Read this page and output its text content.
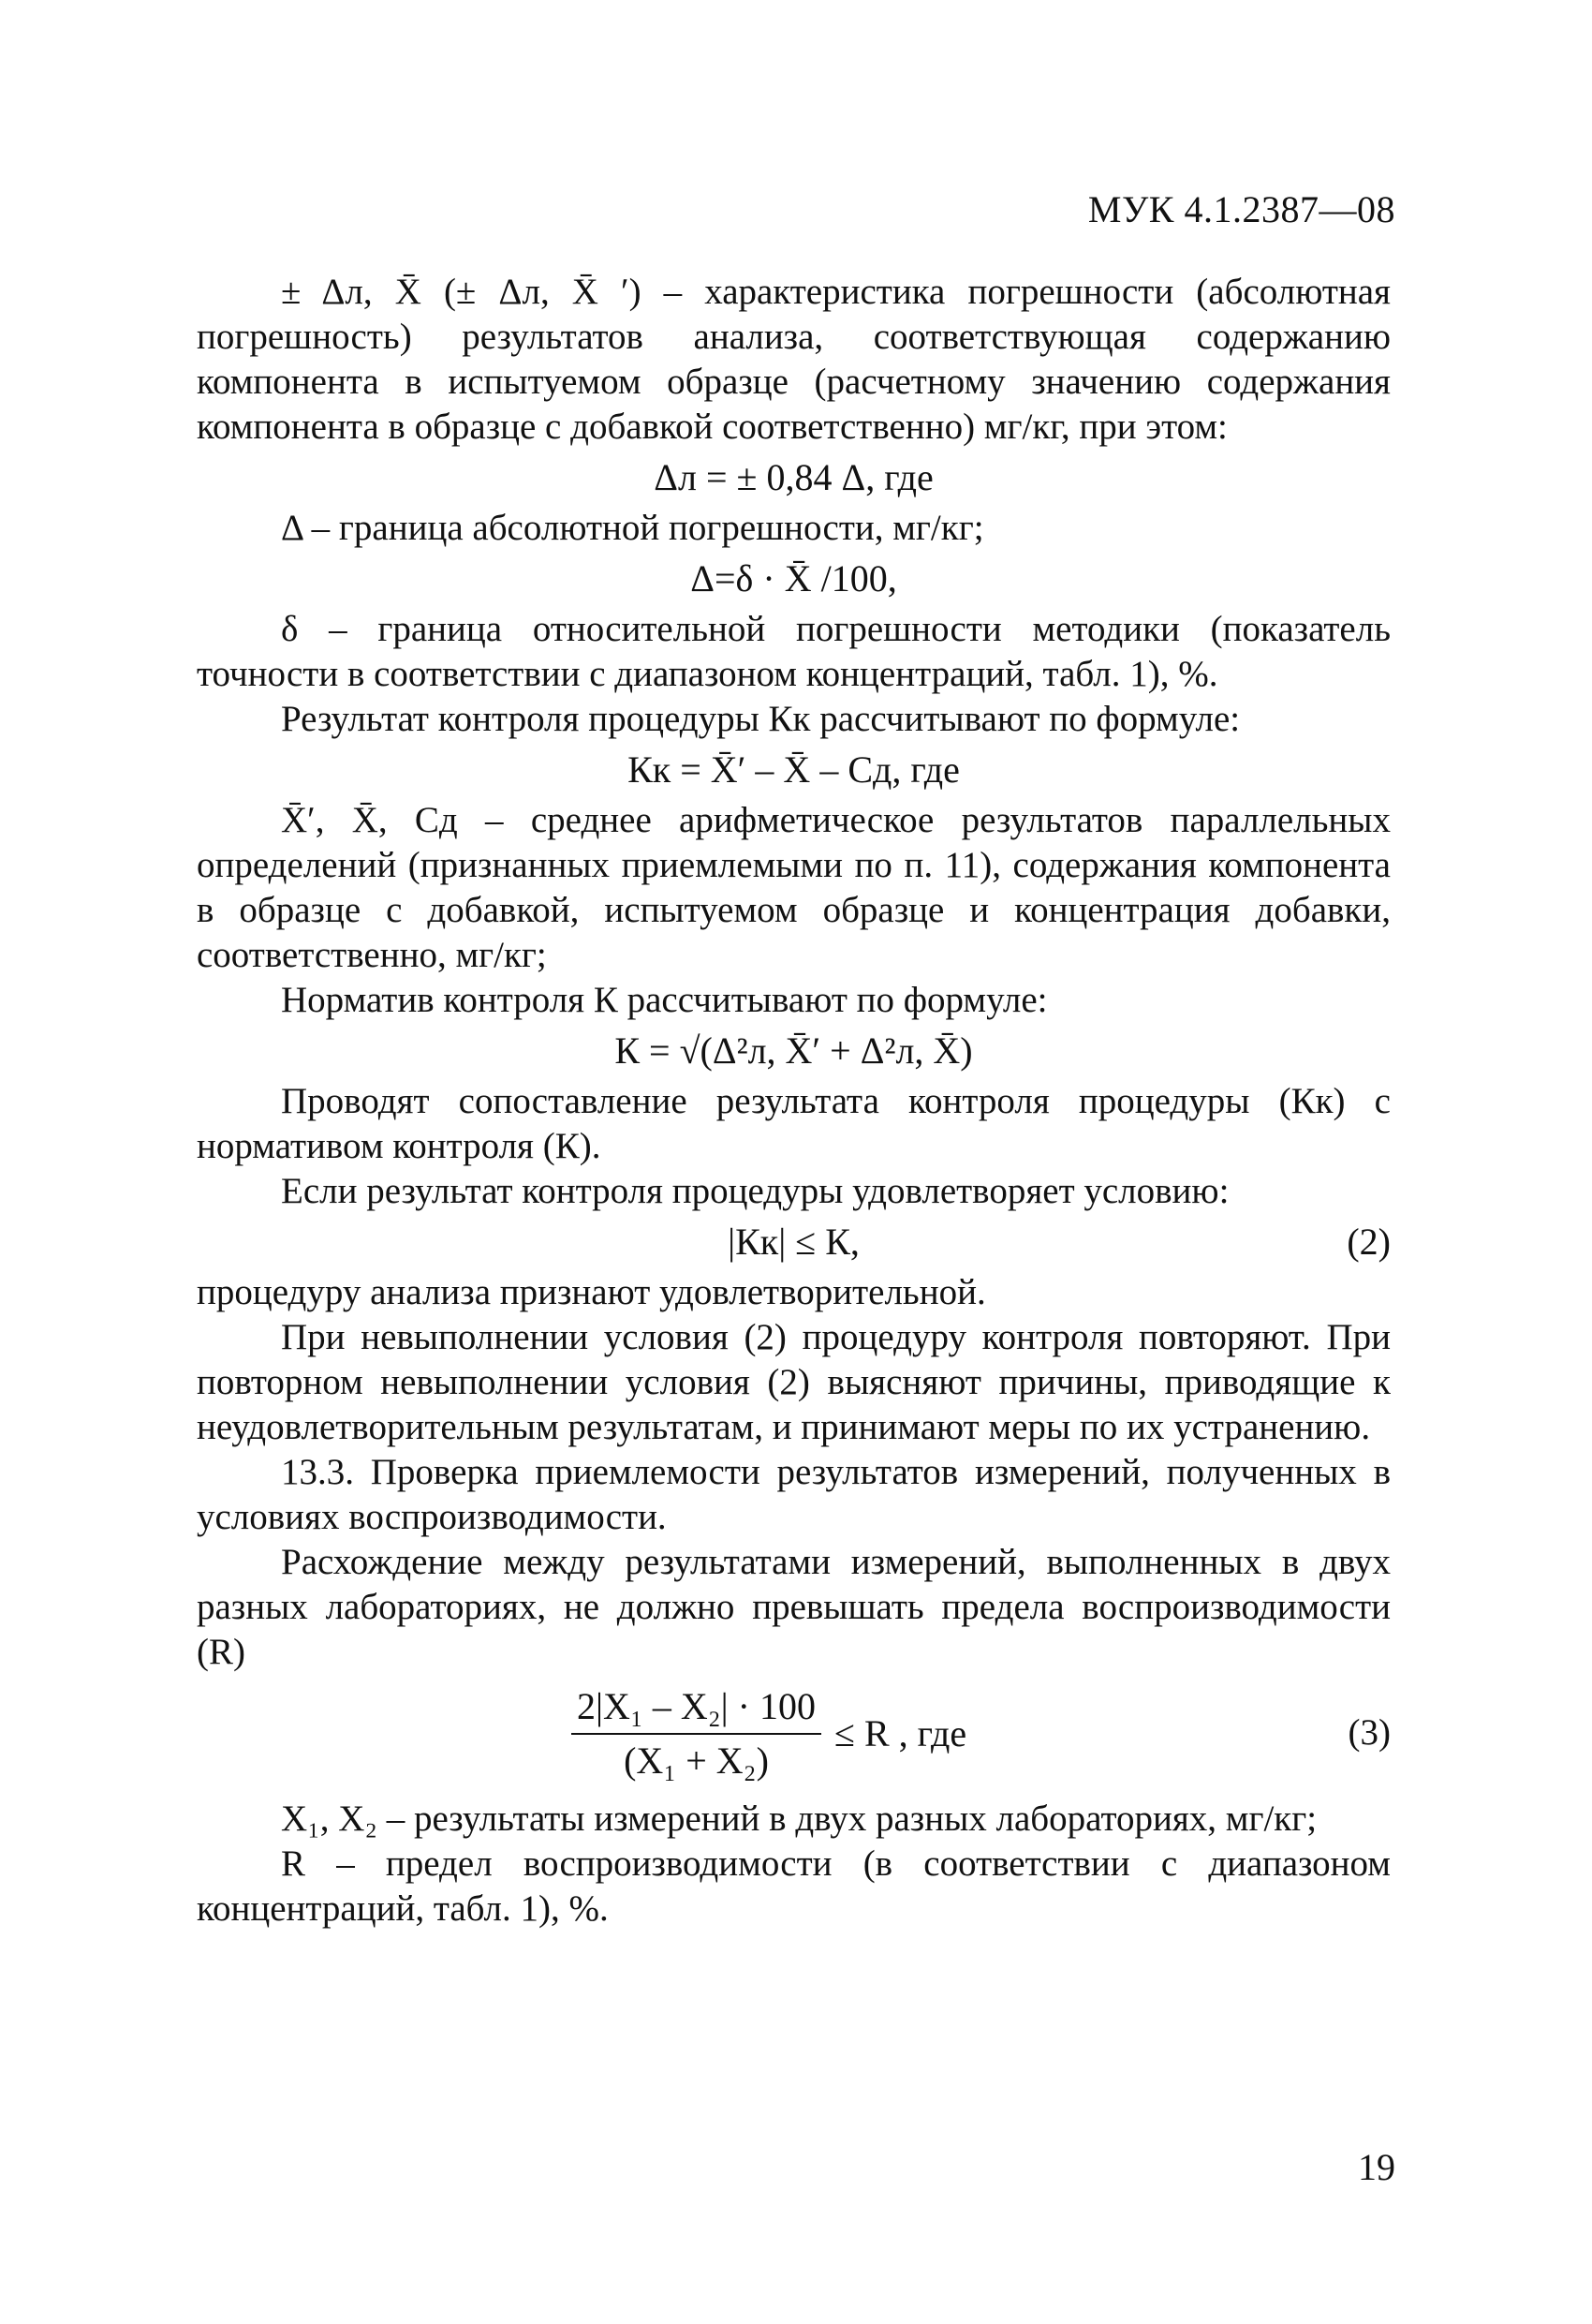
МУК 4.1.2387—08

± Δл, X̄ (± Δл, X̄ ʹ) – характеристика погрешности (абсолютная погрешность) результатов анализа, соответствующая содержанию компонента в испытуемом образце (расчетному значению содержания компонента в образце с добавкой соответственно) мг/кг, при этом:

Δл = ± 0,84 Δ, где

Δ – граница абсолютной погрешности, мг/кг;

Δ=δ · X̄ /100,

δ – граница относительной погрешности методики (показатель точности в соответствии с диапазоном концентраций, табл. 1), %.

Результат контроля процедуры Кк рассчитывают по формуле:

Кк = X̄ʹ – X̄ – Сд, где

X̄ʹ, X̄, Сд – среднее арифметическое результатов параллельных определений (признанных приемлемыми по п. 11), содержания компонента в образце с добавкой, испытуемом образце и концентрация добавки, соответственно, мг/кг;

Норматив контроля К рассчитывают по формуле:

К = √(Δ²л, X̄ʹ + Δ²л, X̄)

Проводят сопоставление результата контроля процедуры (Кк) с нормативом контроля (К).

Если результат контроля процедуры удовлетворяет условию:

|Кк| ≤ К,	(2)

процедуру анализа признают удовлетворительной.

При невыполнении условия (2) процедуру контроля повторяют. При повторном невыполнении условия (2) выясняют причины, приводящие к неудовлетворительным результатам, и принимают меры по их устранению.

13.3. Проверка приемлемости результатов измерений, полученных в условиях воспроизводимости.

Расхождение между результатами измерений, выполненных в двух разных лабораториях, не должно превышать предела воспроизводимости (R)

$\frac{\text{2|X₁ – X₂| · 100}}{\text{(X₁ + X₂)}} \le R$ , где	(3)

X₁, X₂ – результаты измерений в двух разных лабораториях, мг/кг;

R – предел воспроизводимости (в соответствии с диапазоном концентраций, табл. 1), %.

19
